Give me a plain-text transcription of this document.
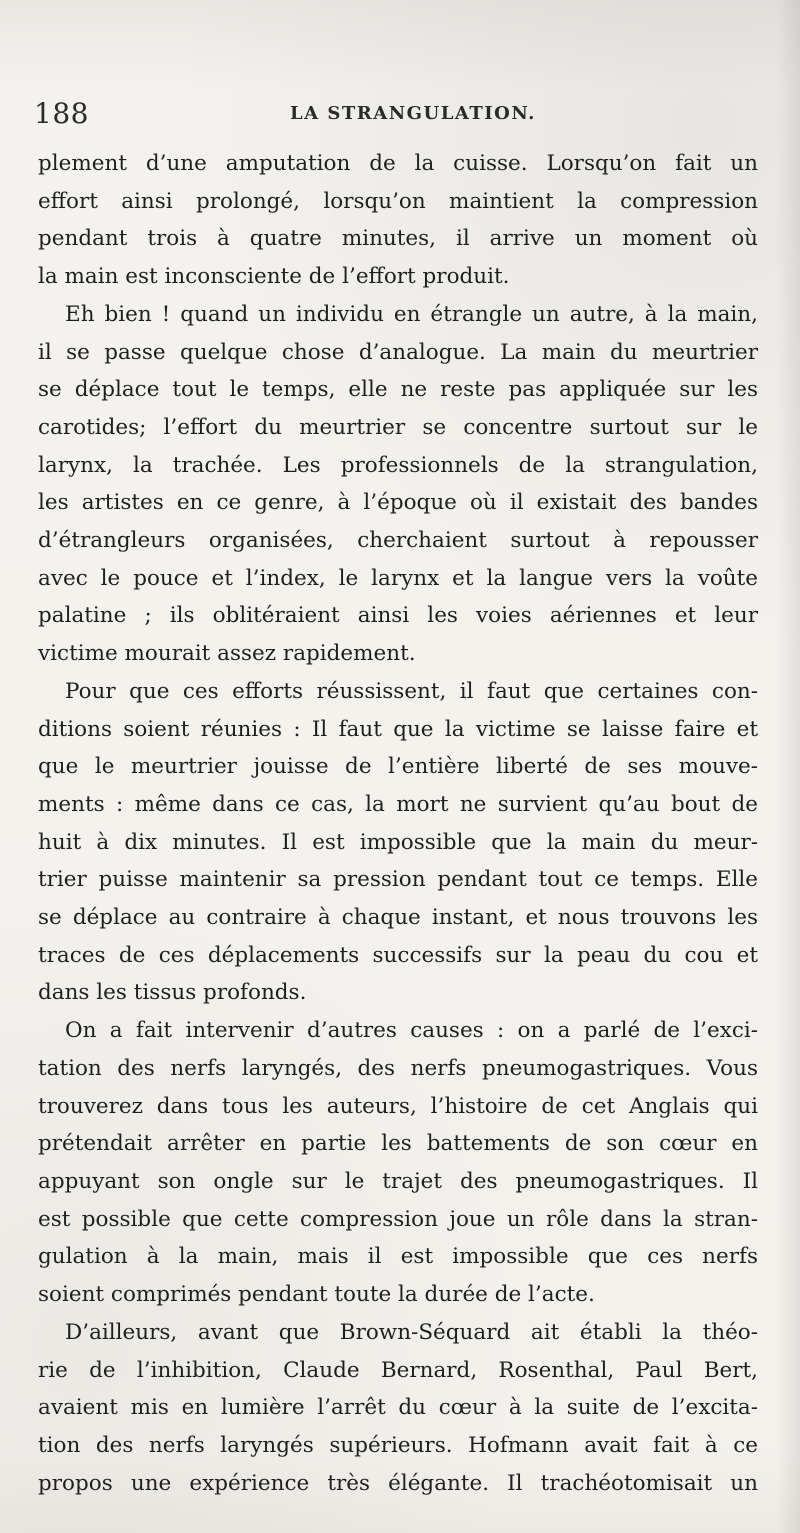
188	LA STRANGULATION.
plement d’une amputation de la cuisse. Lorsqu’on fait un
effort ainsi prolongé, lorsqu’on maintient la compression
pendant trois à quatre minutes, il arrive un moment où
la main est inconsciente de l’effort produit.
Eh bien ! quand un individu en étrangle un autre, à la main,
il se passe quelque chose d’analogue. La main du meurtrier
se déplace tout le temps, elle ne reste pas appliquée sur les
carotides; l’effort du meurtrier se concentre surtout sur le
larynx, la trachée. Les professionnels de la strangulation,
les artistes en ce genre, à l’époque où il existait des bandes
d’étrangleurs organisées, cherchaient surtout à repousser
avec le pouce et l’index, le larynx et la langue vers la voûte
palatine ; ils oblitéraient ainsi les voies aériennes et leur
victime mourait assez rapidement.
Pour que ces efforts réussissent, il faut que certaines con-
ditions soient réunies : Il faut que la victime se laisse faire et
que le meurtrier jouisse de l’entière liberté de ses mouve-
ments : même dans ce cas, la mort ne survient qu’au bout de
huit à dix minutes. Il est impossible que la main du meur-
trier puisse maintenir sa pression pendant tout ce temps. Elle
se déplace au contraire à chaque instant, et nous trouvons les
traces de ces déplacements successifs sur la peau du cou et
dans les tissus profonds.
On a fait intervenir d’autres causes : on a parlé de l’exci-
tation des nerfs laryngés, des nerfs pneumogastriques. Vous
trouverez dans tous les auteurs, l’histoire de cet Anglais qui
prétendait arrêter en partie les battements de son cœur en
appuyant son ongle sur le trajet des pneumogastriques. Il
est possible que cette compression joue un rôle dans la stran-
gulation à la main, mais il est impossible que ces nerfs
soient comprimés pendant toute la durée de l’acte.
D’ailleurs, avant que Brown-Séquard ait établi la théo-
rie de l’inhibition, Claude Bernard, Rosenthal, Paul Bert,
avaient mis en lumière l’arrêt du cœur à la suite de l’excita-
tion des nerfs laryngés supérieurs. Hofmann avait fait à ce
propos une expérience très élégante. Il trachéotomisait un
